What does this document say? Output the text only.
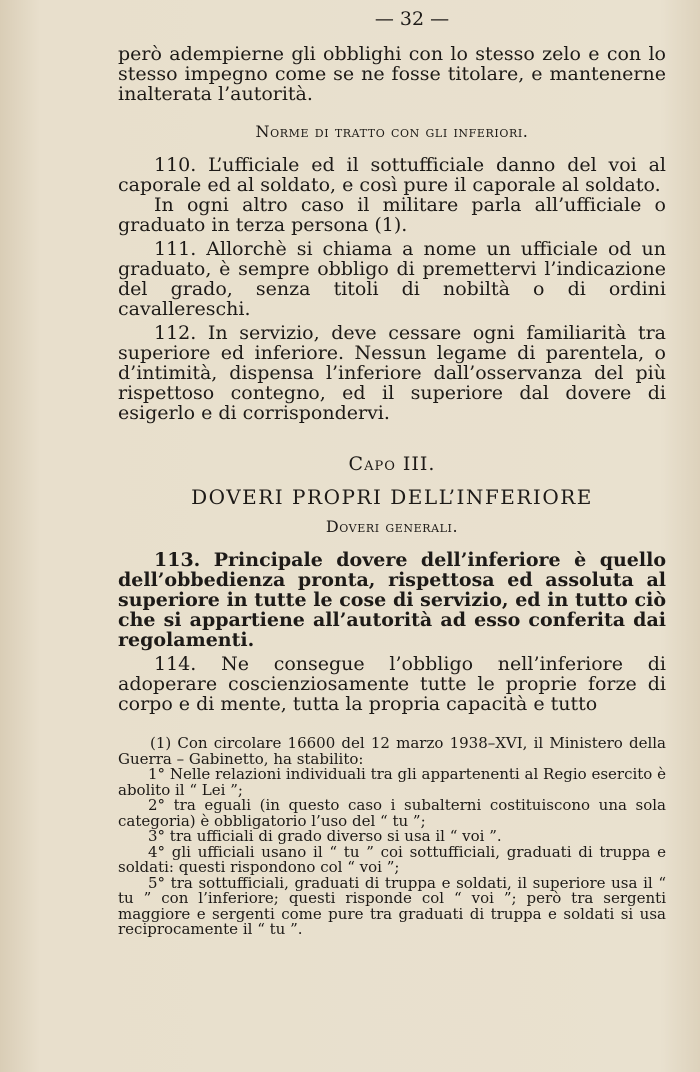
— 32 —

però adempierne gli obblighi con lo stesso zelo e con lo stesso impegno come se ne fosse titolare, e mantenerne inalterata l’autorità.

Norme di tratto con gli inferiori.

110. L’ufficiale ed il sottufficiale danno del voi al caporale ed al soldato, e così pure il caporale al soldato.

In ogni altro caso il militare parla all’ufficiale o graduato in terza persona (1).

111. Allorchè si chiama a nome un ufficiale od un graduato, è sempre obbligo di premettervi l’indicazione del grado, senza titoli di nobiltà o di ordini cavallereschi.

112. In servizio, deve cessare ogni familiarità tra superiore ed inferiore. Nessun legame di parentela, o d’intimità, dispensa l’inferiore dall’osservanza del più rispettoso contegno, ed il superiore dal dovere di esigerlo e di corrispondervi.

Capo III.
DOVERI PROPRI DELL’INFERIORE
Doveri generali.

113. Principale dovere dell’inferiore è quello dell’obbedienza pronta, rispettosa ed assoluta al superiore in tutte le cose di servizio, ed in tutto ciò che si appartiene all’autorità ad esso conferita dai regolamenti.

114. Ne consegue l’obbligo nell’inferiore di adoperare coscienziosamente tutte le proprie forze di corpo e di mente, tutta la propria capacità e tutto

(1) Con circolare 16600 del 12 marzo 1938–XVI, il Ministero della Guerra – Gabinetto, ha stabilito:

1° Nelle relazioni individuali tra gli appartenenti al Regio esercito è abolito il “ Lei ”;

2° tra eguali (in questo caso i subalterni costituiscono una sola categoria) è obbligatorio l’uso del “ tu ”;

3° tra ufficiali di grado diverso si usa il “ voi ”.

4° gli ufficiali usano il “ tu ” coi sottufficiali, graduati di truppa e soldati: questi rispondono col “ voi ”;

5° tra sottufficiali, graduati di truppa e soldati, il superiore usa il “ tu ” con l’inferiore; questi risponde col “ voi ”; però tra sergenti maggiore e sergenti come pure tra graduati di truppa e soldati si usa reciprocamente il “ tu ”.
